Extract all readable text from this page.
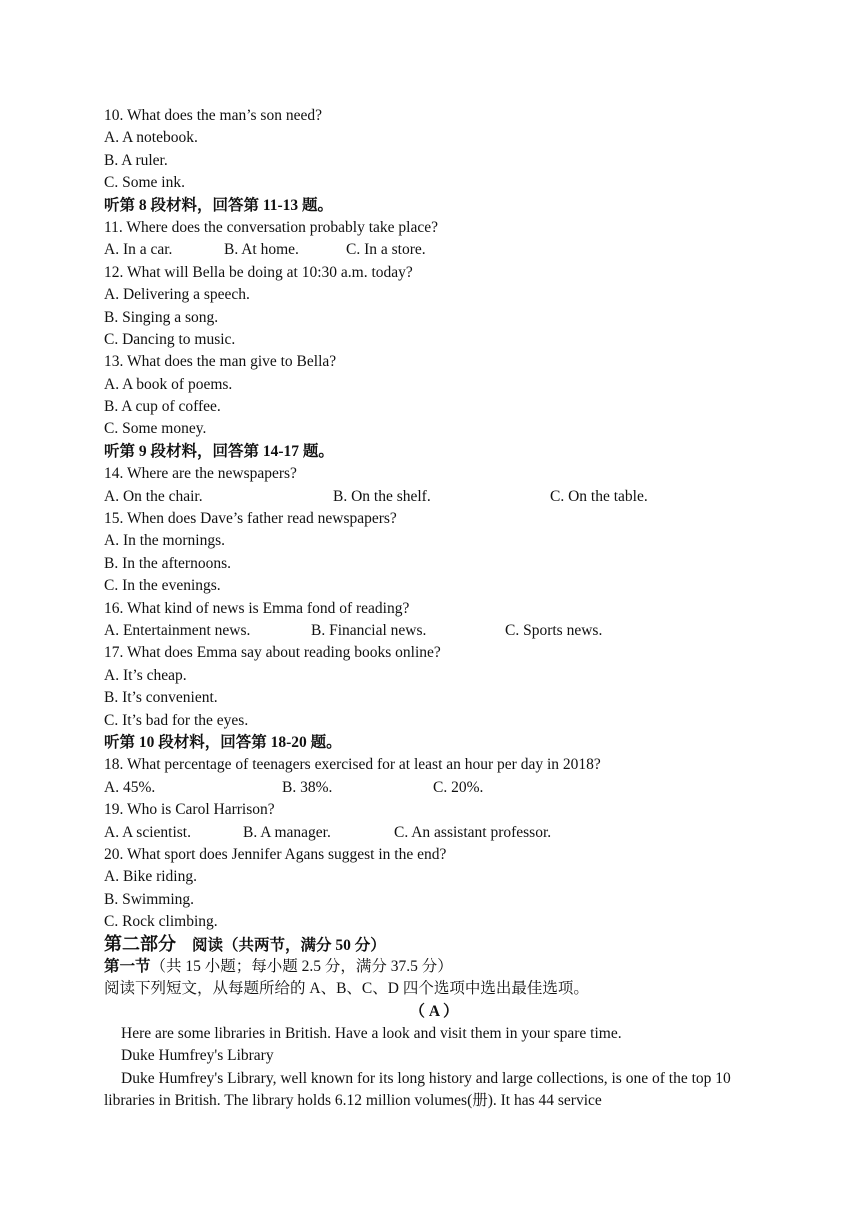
10. What does the man’s son need?
A. A notebook.
B. A ruler.
C. Some ink.
听第 8 段材料，回答第 11-13 题。
11. Where does the conversation probably take place?
A. In a car.	B. At home.	C. In a store.
12. What will Bella be doing at 10:30 a.m. today?
A. Delivering a speech.
B. Singing a song.
C. Dancing to music.
13. What does the man give to Bella?
A. A book of poems.
B. A cup of coffee.
C. Some money.
听第 9 段材料，回答第 14-17 题。
14. Where are the newspapers?
A. On the chair.	B. On the shelf.	C. On the table.
15. When does Dave’s father read newspapers?
A. In the mornings.
B. In the afternoons.
C. In the evenings.
16. What kind of news is Emma fond of reading?
A. Entertainment news.	B. Financial news.	C. Sports news.
17. What does Emma say about reading books online?
A. It’s cheap.
B. It’s convenient.
C. It’s bad for the eyes.
听第 10 段材料，回答第 18-20 题。
18. What percentage of teenagers exercised for at least an hour per day in 2018?
A. 45%.	B. 38%.	C. 20%.
19. Who is Carol Harrison?
A. A scientist.	B. A manager.	C. An assistant professor.
20. What sport does Jennifer Agans suggest in the end?
A. Bike riding.
B. Swimming.
C. Rock climbing.
第二部分 阅读（共两节，满分 50 分）
第一节（共 15 小题；每小题 2.5 分，满分 37.5 分）
阅读下列短文，从每题所给的 A、B、C、D 四个选项中选出最佳选项。
（ A ）
Here are some libraries in British. Have a look and visit them in your spare time.
Duke Humfrey's Library
Duke Humfrey's Library, well known for its long history and large collections, is one of the top 10 libraries in British. The library holds 6.12 million volumes(册). It has 44 service
